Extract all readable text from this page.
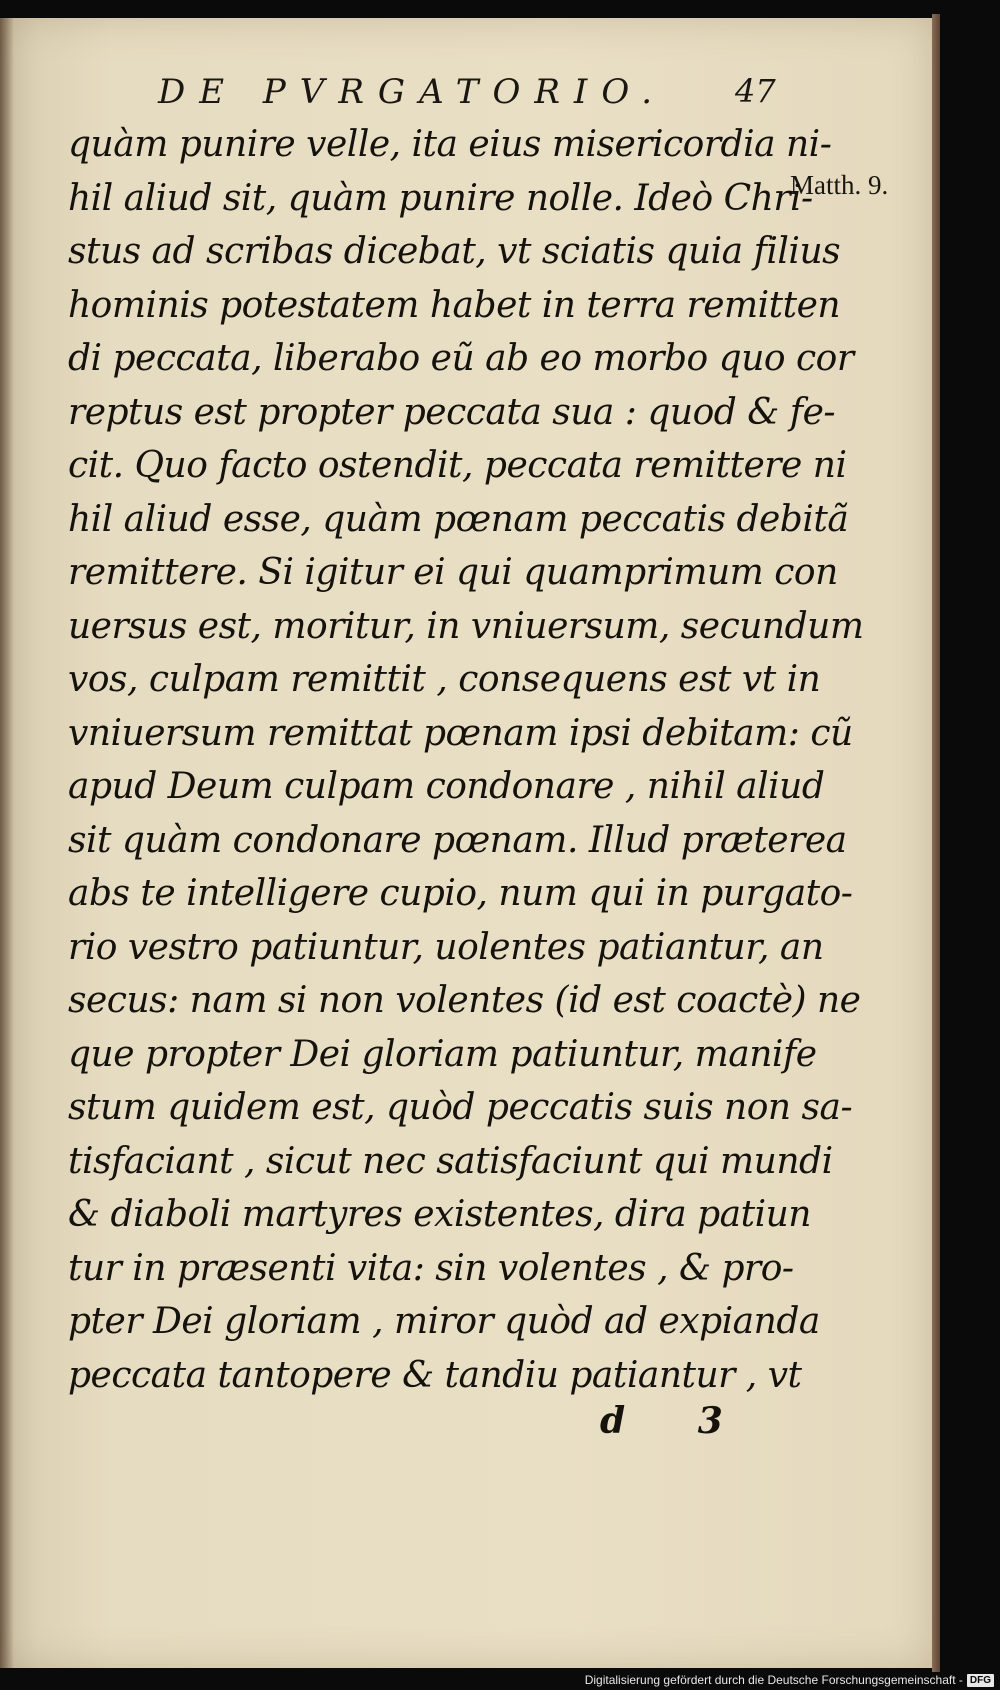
DE PVRGATORIO.	47
Matth. 9.
quàm punire velle, ita eius misericordia ni-
hil aliud sit, quàm punire nolle. Ideò Chri-
stus ad scribas dicebat, vt sciatis quia filius
hominis potestatem habet in terra remitten
di peccata, liberabo eũ ab eo morbo quo cor
reptus est propter peccata sua : quod & fe-
cit. Quo facto ostendit, peccata remittere ni
hil aliud esse, quàm pœnam peccatis debitã
remittere. Si igitur ei qui quamprimum con
uersus est, moritur, in vniuersum, secundum
vos, culpam remittit , consequens est vt in
vniuersum remittat pœnam ipsi debitam: cũ
apud Deum culpam condonare , nihil aliud
sit quàm condonare pœnam. Illud præterea
abs te intelligere cupio, num qui in purgato-
rio vestro patiuntur, uolentes patiantur, an
secus: nam si non volentes (id est coactè) ne
que propter Dei gloriam patiuntur, manife
stum quidem est, quòd peccatis suis non sa-
tisfaciant , sicut nec satisfaciunt qui mundi
& diaboli martyres existentes, dira patiun
tur in præsenti vita: sin volentes , & pro-
pter Dei gloriam , miror quòd ad expianda
peccata tantopere & tandiu patiantur , vt
d 3
Digitalisierung gefördert durch die Deutsche Forschungsgemeinschaft - DFG
